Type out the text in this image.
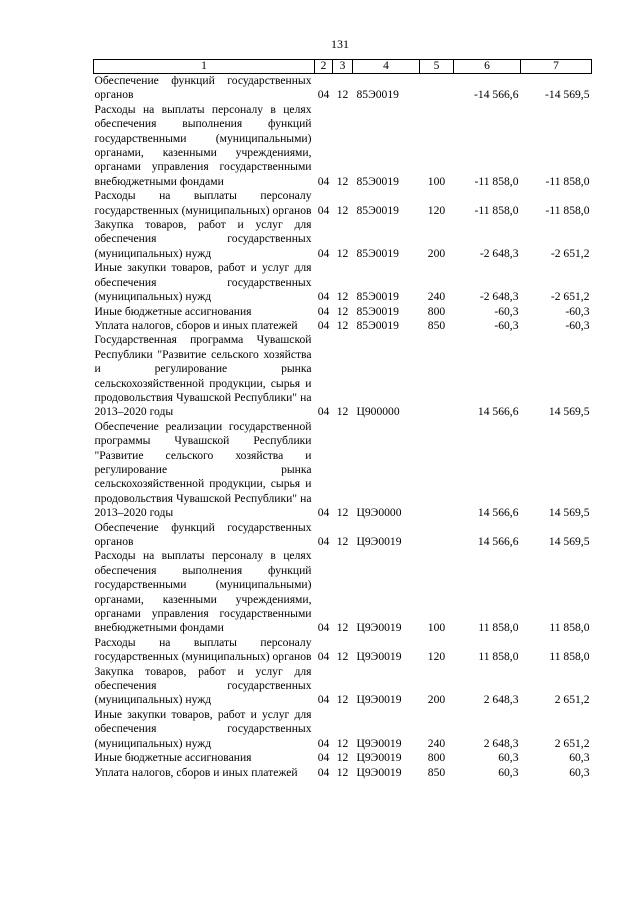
131
1	2	3	4	5	6	7
Обеспечение функций государственных органов	04	12	85Э0019		-14 566,6	-14 569,5
Расходы на выплаты персоналу в целях обеспечения выполнения функций государственными (муниципальными) органами, казенными учреждениями, органами управления государственными внебюджетными фондами	04	12	85Э0019	100	-11 858,0	-11 858,0
Расходы на выплаты персоналу государственных (муниципальных) органов	04	12	85Э0019	120	-11 858,0	-11 858,0
Закупка товаров, работ и услуг для обеспечения государственных (муниципальных) нужд	04	12	85Э0019	200	-2 648,3	-2 651,2
Иные закупки товаров, работ и услуг для обеспечения государственных (муниципальных) нужд	04	12	85Э0019	240	-2 648,3	-2 651,2
Иные бюджетные ассигнования	04	12	85Э0019	800	-60,3	-60,3
Уплата налогов, сборов и иных платежей	04	12	85Э0019	850	-60,3	-60,3
Государственная программа Чувашской Республики "Развитие сельского хозяйства и регулирование рынка сельскохозяйственной продукции, сырья и продовольствия Чувашской Республики" на 2013–2020 годы	04	12	Ц900000		14 566,6	14 569,5
Обеспечение реализации государственной программы Чувашской Республики "Развитие сельского хозяйства и регулирование рынка сельскохозяйственной продукции, сырья и продовольствия Чувашской Республики" на 2013–2020 годы	04	12	Ц9Э0000		14 566,6	14 569,5
Обеспечение функций государственных органов	04	12	Ц9Э0019		14 566,6	14 569,5
Расходы на выплаты персоналу в целях обеспечения выполнения функций государственными (муниципальными) органами, казенными учреждениями, органами управления государственными внебюджетными фондами	04	12	Ц9Э0019	100	11 858,0	11 858,0
Расходы на выплаты персоналу государственных (муниципальных) органов	04	12	Ц9Э0019	120	11 858,0	11 858,0
Закупка товаров, работ и услуг для обеспечения государственных (муниципальных) нужд	04	12	Ц9Э0019	200	2 648,3	2 651,2
Иные закупки товаров, работ и услуг для обеспечения государственных (муниципальных) нужд	04	12	Ц9Э0019	240	2 648,3	2 651,2
Иные бюджетные ассигнования	04	12	Ц9Э0019	800	60,3	60,3
Уплата налогов, сборов и иных платежей	04	12	Ц9Э0019	850	60,3	60,3
